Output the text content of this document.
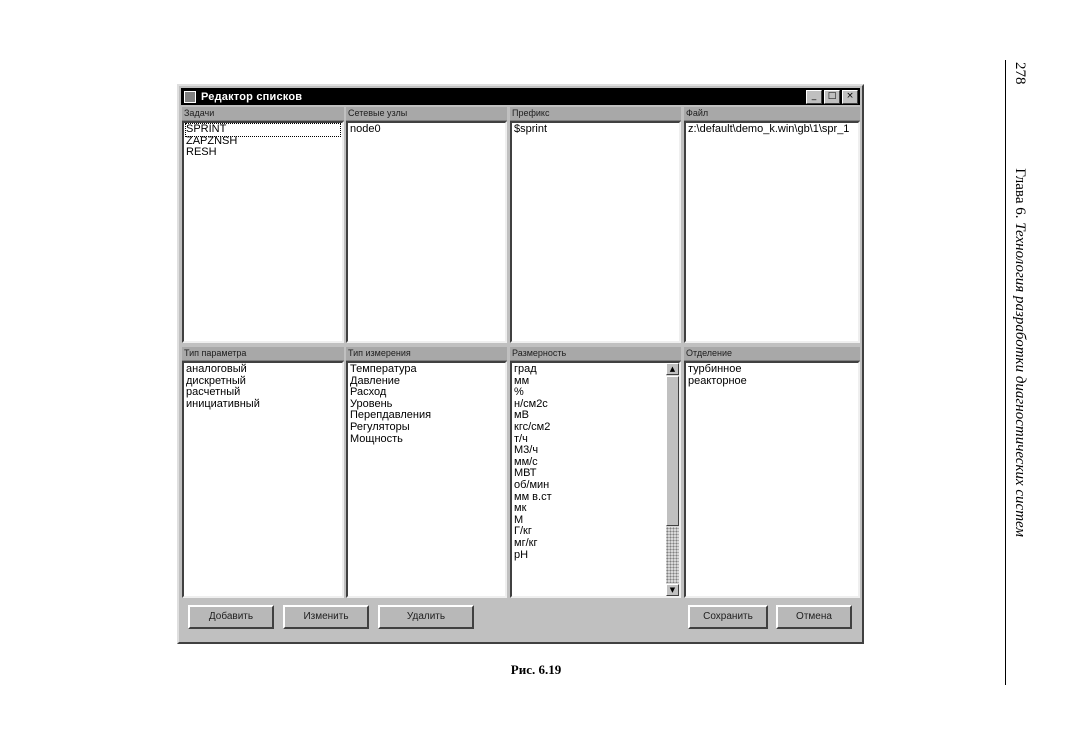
Редактор списков	_	□	×
Задачи
SPRINT
ZAPZNSH
RESH
Сетевые узлы
node0
Префикс
$sprint
Файл
z:\default\demo_k.win\gb\1\spr_1
Тип параметра
аналоговый
дискретный
расчетный
инициативный
Тип измерения
Температура
Давление
Расход
Уровень
Перепдавления
Регуляторы
Мощность
Размерность
град
мм
%
н/см2с
мВ
кгс/см2
т/ч
М3/ч
мм/с
МВТ
об/мин
мм в.ст
мк
М
Г/кг
мг/кг
pH
▲
▼
Отделение
турбинное
реакторное
Добавить	Изменить	Удалить	Сохранить	Отмена
Рис. 6.19
278 Глава 6. Технология разработки диагностических систем
